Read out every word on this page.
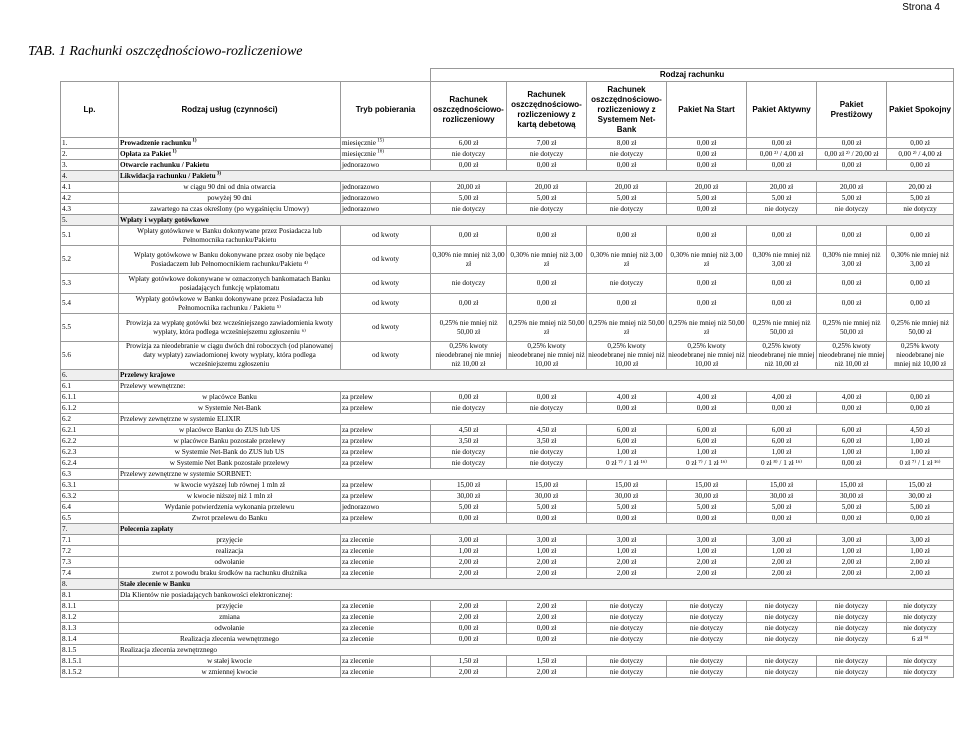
Strona 4
TAB. 1 Rachunki oszczędnościowo-rozliczeniowe
			Rodzaj rachunku						
Lp.	Rodzaj usług (czynności)	Tryb pobierania	Rachunek oszczędnościowo-rozliczeniowy	Rachunek oszczędnościowo-rozliczeniowy z kartą debetową	Rachunek oszczędnościowo-rozliczeniowy z Systemem Net-Bank	Pakiet Na Start	Pakiet Aktywny	Pakiet Prestiżowy	Pakiet Spokojny
1.	Prowadzenie rachunku $^{1)}$	miesięcznie $^{15)}$	6,00 zł	7,00 zł	8,00 zł	0,00 zł	0,00 zł	0,00 zł	0,00 zł
2.	Opłata za Pakiet $^{1)}$	miesięcznie $^{16)}$	nie dotyczy	nie dotyczy	nie dotyczy	0,00 zł	0,00 ²⁾ / 4,00 zł	0,00 zł ²⁾ / 20,00 zł	0,00 ²⁾ / 4,00 zł
3.	Otwarcie rachunku / Pakietu	jednorazowo	0,00 zł	0,00 zł	0,00 zł	0,00 zł	0,00 zł	0,00 zł	0,00 zł
4.	Likwidacja rachunku / Pakietu $^{3)}$
4.1	w ciągu 90 dni od dnia otwarcia	jednorazowo	20,00 zł	20,00 zł	20,00 zł	20,00 zł	20,00 zł	20,00 zł	20,00 zł
4.2	powyżej 90 dni	jednorazowo	5,00 zł	5,00 zł	5,00 zł	5,00 zł	5,00 zł	5,00 zł	5,00 zł
4.3	zawartego na czas określony (po wygaśnięciu Umowy)	jednorazowo	nie dotyczy	nie dotyczy	nie dotyczy	0,00 zł	nie dotyczy	nie dotyczy	nie dotyczy
5.	Wpłaty i wypłaty gotówkowe								
5.1	Wpłaty gotówkowe w Banku dokonywane przez Posiadacza lub Pełnomocnika rachunku/Pakietu	od kwoty	0,00 zł	0,00 zł	0,00 zł	0,00 zł	0,00 zł	0,00 zł	0,00 zł
5.2	Wpłaty gotówkowe w Banku dokonywane przez osoby nie będące Posiadaczem lub Pełnomocnikiem rachunku/Pakietu ⁴⁾	od kwoty	0,30% nie mniej niż 3,00 zł	0,30% nie mniej niż 3,00 zł	0,30% nie mniej niż 3,00 zł	0,30% nie mniej niż 3,00 zł	0,30% nie mniej niż 3,00 zł	0,30% nie mniej niż 3,00 zł	0,30% nie mniej niż 3,00 zł
5.3	Wpłaty gotówkowe dokonywane w oznaczonych bankomatach Banku posiadających funkcję wpłatomatu	od kwoty	nie dotyczy	0,00 zł	nie dotyczy	0,00 zł	0,00 zł	0,00 zł	0,00 zł
5.4	Wypłaty gotówkowe w Banku dokonywane przez Posiadacza lub Pełnomocnika rachunku / Pakietu ⁵⁾	od kwoty	0,00 zł	0,00 zł	0,00 zł	0,00 zł	0,00 zł	0,00 zł	0,00 zł
5.5	Prowizja za wypłatę gotówki bez wcześniejszego zawiadomienia kwoty wypłaty, która podlega wcześniejszemu zgłoszeniu ⁶⁾	od kwoty	0,25% nie mniej niż 50,00 zł	0,25% nie mniej niż 50,00 zł	0,25% nie mniej niż 50,00 zł	0,25% nie mniej niż 50,00 zł	0,25% nie mniej niż 50,00 zł	0,25% nie mniej niż 50,00 zł	0,25% nie mniej niż 50,00 zł
5.6	Prowizja za nieodebranie w ciągu dwóch dni roboczych (od planowanej daty wypłaty) zawiadomionej kwoty wypłaty, która podlega wcześniejszemu zgłoszeniu	od kwoty	0,25% kwoty nieodebranej nie mniej niż 10,00 zł	0,25% kwoty nieodebranej nie mniej niż 10,00 zł	0,25% kwoty nieodebranej nie mniej niż 10,00 zł	0,25% kwoty nieodebranej nie mniej niż 10,00 zł	0,25% kwoty nieodebranej nie mniej niż 10,00 zł	0,25% kwoty nieodebranej nie mniej niż 10,00 zł	0,25% kwoty nieodebranej nie mniej niż 10,00 zł
6.	Przelewy krajowe								
6.1	Przelewy wewnętrzne:								
6.1.1	w placówce Banku	za przelew	0,00 zł	0,00 zł	4,00 zł	4,00 zł	4,00 zł	4,00 zł	0,00 zł
6.1.2	w Systemie Net-Bank	za przelew	nie dotyczy	nie dotyczy	0,00 zł	0,00 zł	0,00 zł	0,00 zł	0,00 zł
6.2	Przelewy zewnętrzne w systemie ELIXIR								
6.2.1	w placówce Banku do ZUS lub US	za przelew	4,50 zł	4,50 zł	6,00 zł	6,00 zł	6,00 zł	6,00 zł	4,50 zł
6.2.2	w placówce Banku pozostałe przelewy	za przelew	3,50 zł	3,50 zł	6,00 zł	6,00 zł	6,00 zł	6,00 zł	1,00 zł
6.2.3	w Systemie Net-Bank do ZUS lub US	za przelew	nie dotyczy	nie dotyczy	1,00 zł	1,00 zł	1,00 zł	1,00 zł	1,00 zł
6.2.4	w Systemie Net Bank pozostałe przelewy	za przelew	nie dotyczy	nie dotyczy	0 zł ⁷⁾ / 1 zł ¹⁶⁾	0 zł ⁷⁾ / 1 zł ¹⁶⁾	0 zł ⁸⁾ / 1 zł ¹⁶⁾	0,00 zł	0 zł ⁷⁾ / 1 zł ¹⁶⁾
6.3	Przelewy zewnętrzne w systemie SORBNET:								
6.3.1	w kwocie wyższej lub równej 1 mln zł	za przelew	15,00 zł	15,00 zł	15,00 zł	15,00 zł	15,00 zł	15,00 zł	15,00 zł
6.3.2	w kwocie niższej niż 1 mln zł	za przelew	30,00 zł	30,00 zł	30,00 zł	30,00 zł	30,00 zł	30,00 zł	30,00 zł
6.4	Wydanie potwierdzenia wykonania przelewu	jednorazowo	5,00 zł	5,00 zł	5,00 zł	5,00 zł	5,00 zł	5,00 zł	5,00 zł
6.5	Zwrot przelewu do Banku	za przelew	0,00 zł	0,00 zł	0,00 zł	0,00 zł	0,00 zł	0,00 zł	0,00 zł
7.	Polecenia zapłaty								
7.1	przyjęcie	za zlecenie	3,00 zł	3,00 zł	3,00 zł	3,00 zł	3,00 zł	3,00 zł	3,00 zł
7.2	realizacja	za zlecenie	1,00 zł	1,00 zł	1,00 zł	1,00 zł	1,00 zł	1,00 zł	1,00 zł
7.3	odwołanie	za zlecenie	2,00 zł	2,00 zł	2,00 zł	2,00 zł	2,00 zł	2,00 zł	2,00 zł
7.4	zwrot z powodu braku środków na rachunku dłużnika	za zlecenie	2,00 zł	2,00 zł	2,00 zł	2,00 zł	2,00 zł	2,00 zł	2,00 zł
8.	Stałe zlecenie w Banku								
8.1	Dla Klientów nie posiadających bankowości elektronicznej:								
8.1.1	przyjęcie	za zlecenie	2,00 zł	2,00 zł	nie dotyczy	nie dotyczy	nie dotyczy	nie dotyczy	nie dotyczy
8.1.2	zmiana	za zlecenie	2,00 zł	2,00 zł	nie dotyczy	nie dotyczy	nie dotyczy	nie dotyczy	nie dotyczy
8.1.3	odwołanie	za zlecenie	0,00 zł	0,00 zł	nie dotyczy	nie dotyczy	nie dotyczy	nie dotyczy	nie dotyczy
8.1.4	Realizacja zlecenia wewnętrznego	za zlecenie	0,00 zł	0,00 zł	nie dotyczy	nie dotyczy	nie dotyczy	nie dotyczy	6 zł ⁹⁾
8.1.5	Realizacja zlecenia zewnętrznego								
8.1.5.1	w stałej kwocie	za zlecenie	1,50 zł	1,50 zł	nie dotyczy	nie dotyczy	nie dotyczy	nie dotyczy	nie dotyczy
8.1.5.2	w zmiennej kwocie	za zlecenie	2,00 zł	2,00 zł	nie dotyczy	nie dotyczy	nie dotyczy	nie dotyczy	nie dotyczy
